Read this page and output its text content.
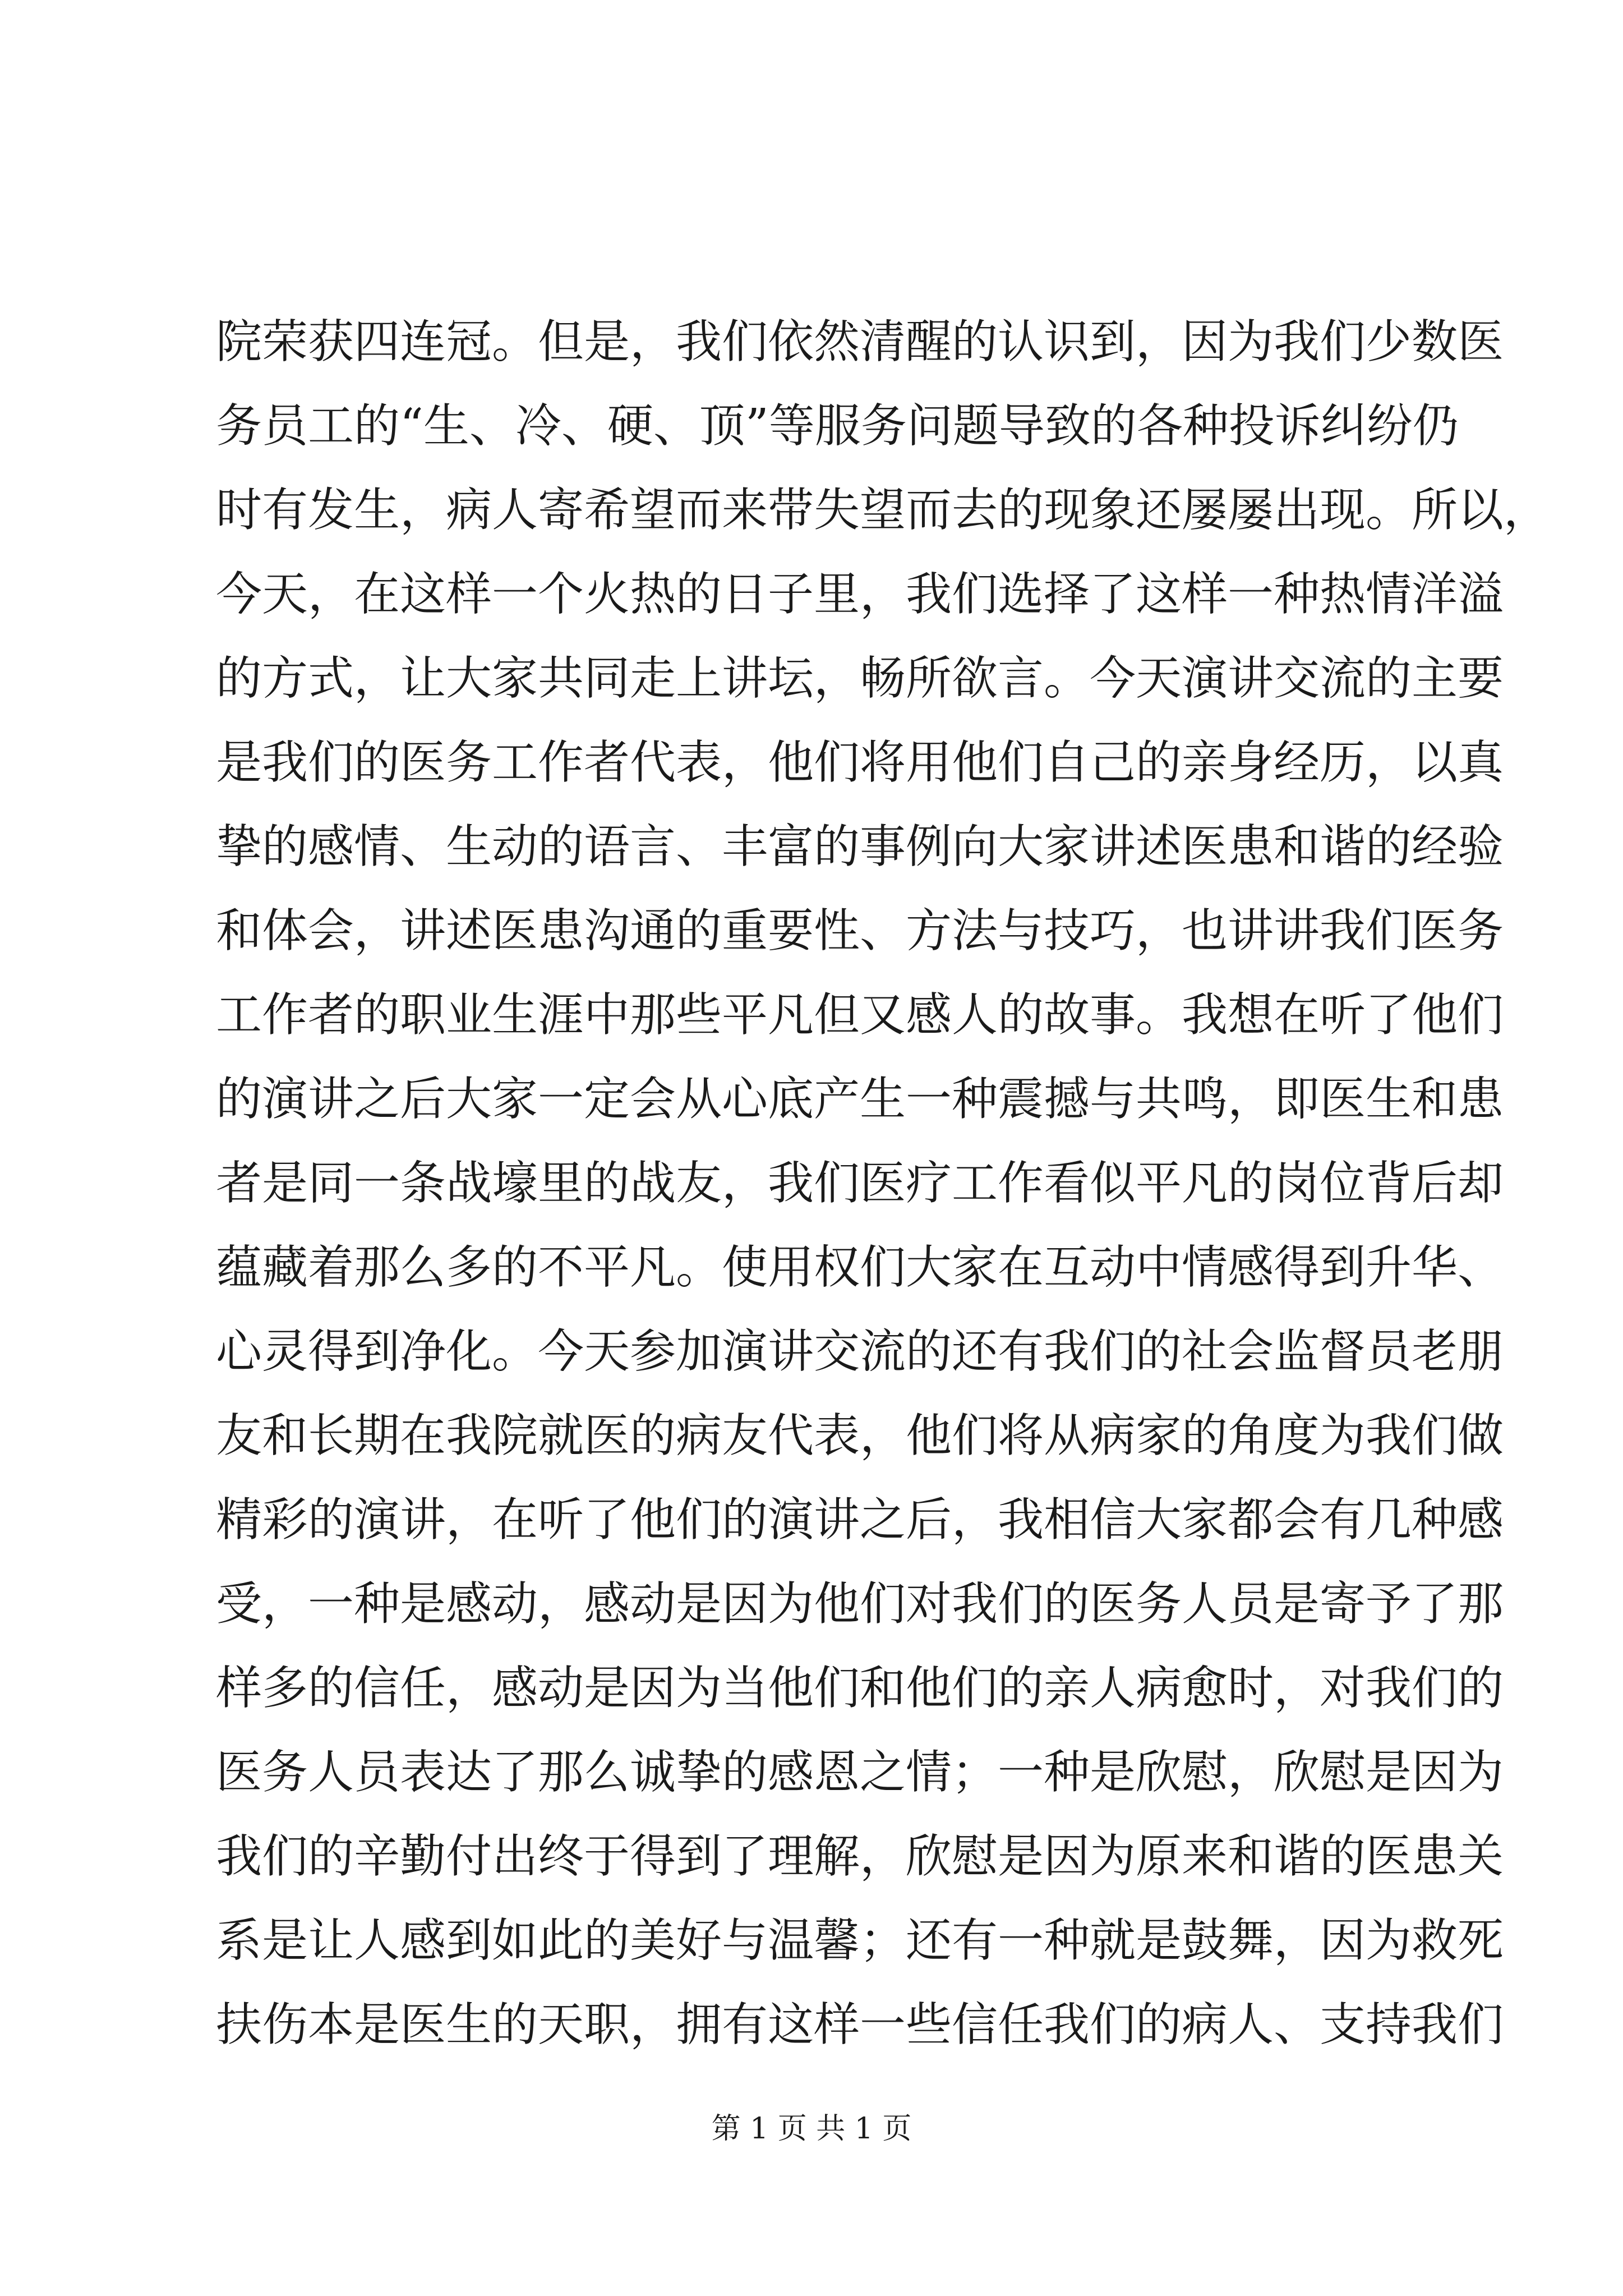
院荣获四连冠。但是，我们依然清醒的认识到，因为我们少数医
务员工的“生、冷、硬、顶”等服务问题导致的各种投诉纠纷仍
时有发生，病人寄希望而来带失望而去的现象还屡屡出现。所以，
今天，在这样一个火热的日子里，我们选择了这样一种热情洋溢
的方式，让大家共同走上讲坛，畅所欲言。今天演讲交流的主要
是我们的医务工作者代表，他们将用他们自己的亲身经历，以真
挚的感情、生动的语言、丰富的事例向大家讲述医患和谐的经验
和体会，讲述医患沟通的重要性、方法与技巧，也讲讲我们医务
工作者的职业生涯中那些平凡但又感人的故事。我想在听了他们
的演讲之后大家一定会从心底产生一种震撼与共鸣，即医生和患
者是同一条战壕里的战友，我们医疗工作看似平凡的岗位背后却
蕴藏着那么多的不平凡。使用权们大家在互动中情感得到升华、
心灵得到净化。今天参加演讲交流的还有我们的社会监督员老朋
友和长期在我院就医的病友代表，他们将从病家的角度为我们做
精彩的演讲，在听了他们的演讲之后，我相信大家都会有几种感
受，一种是感动，感动是因为他们对我们的医务人员是寄予了那
样多的信任，感动是因为当他们和他们的亲人病愈时，对我们的
医务人员表达了那么诚挚的感恩之情；一种是欣慰，欣慰是因为
我们的辛勤付出终于得到了理解，欣慰是因为原来和谐的医患关
系是让人感到如此的美好与温馨；还有一种就是鼓舞，因为救死
扶伤本是医生的天职，拥有这样一些信任我们的病人、支持我们
第 1 页 共 1 页
